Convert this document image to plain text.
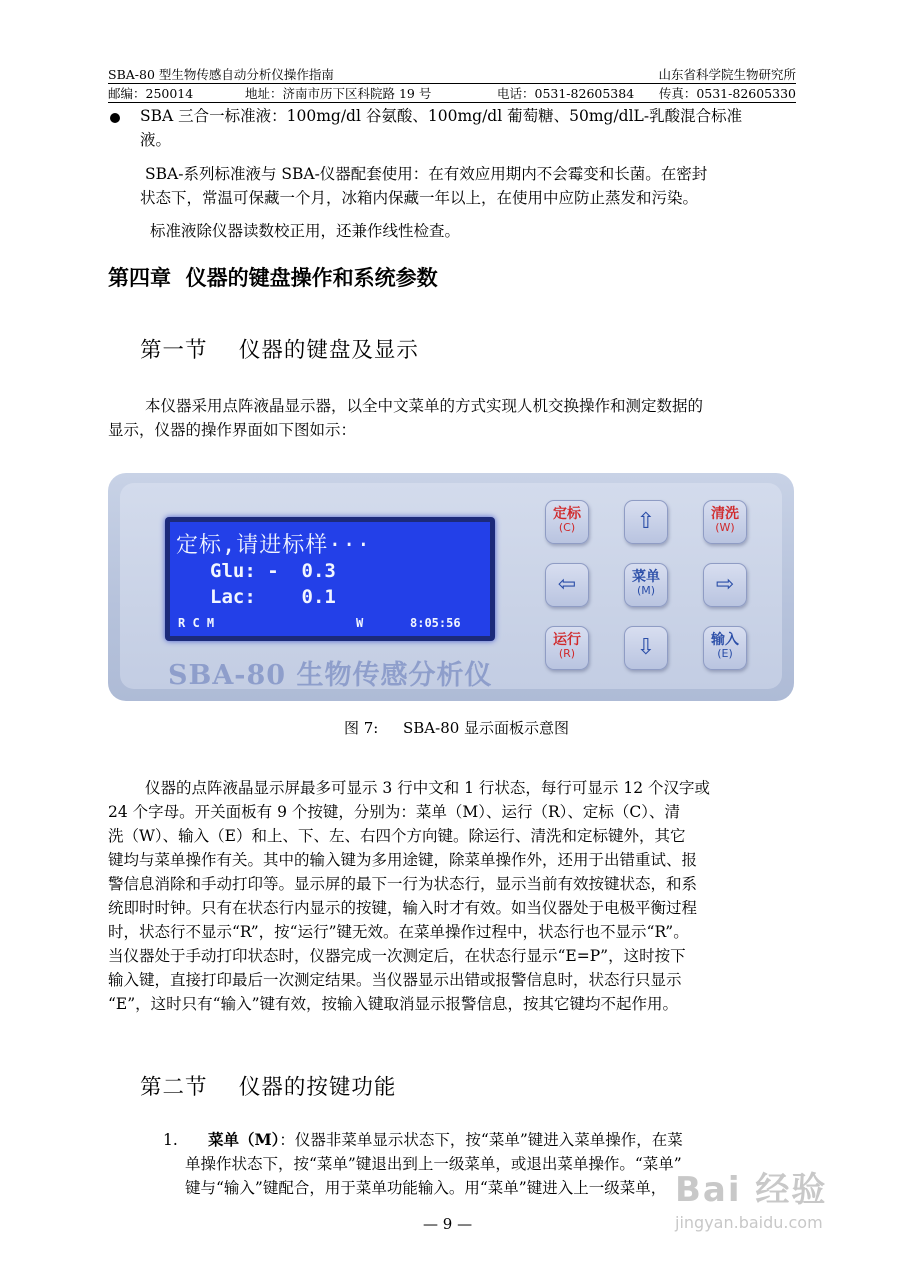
SBA-80 型生物传感自动分析仪操作指南	山东省科学院生物研究所
邮编：250014	地址：济南市历下区科院路 19 号	电话：0531-82605384 传真：0531-82605330
SBA 三合一标准液：100mg/dl 谷氨酸、100mg/dl 葡萄糖、50mg/dlL-乳酸混合标准
液。
SBA-系列标准液与 SBA-仪器配套使用：在有效应用期内不会霉变和长菌。在密封
状态下，常温可保藏一个月，冰箱内保藏一年以上，在使用中应防止蒸发和污染。
标准液除仪器读数校正用，还兼作线性检查。
第四章  仪器的键盘操作和系统参数
第一节    仪器的键盘及显示
本仪器采用点阵液晶显示器，以全中文菜单的方式实现人机交换操作和测定数据的
显示，仪器的操作界面如下图如示：
定标,请进标样···
Glu: -  0.3
Lac:    0.1
R C M	W	8:05:56
SBA-80 生物传感分析仪
定标
(C)	⇧	清洗
(W)
⇦	菜单
(M)	⇨
运行
(R)	⇩	输入
(E)
图 7: SBA-80 显示面板示意图
仪器的点阵液晶显示屏最多可显示 3 行中文和 1 行状态，每行可显示 12 个汉字或
24 个字母。开关面板有 9 个按键，分别为：菜单（M）、运行（R）、定标（C）、清
洗（W）、输入（E）和上、下、左、右四个方向键。除运行、清洗和定标键外，其它
键均与菜单操作有关。其中的输入键为多用途键，除菜单操作外，还用于出错重试、报
警信息消除和手动打印等。显示屏的最下一行为状态行，显示当前有效按键状态，和系
统即时时钟。只有在状态行内显示的按键，输入时才有效。如当仪器处于电极平衡过程
时，状态行不显示“R”，按“运行”键无效。在菜单操作过程中，状态行也不显示“R”。
当仪器处于手动打印状态时，仪器完成一次测定后，在状态行显示“E=P”，这时按下
输入键，直接打印最后一次测定结果。当仪器显示出错或报警信息时，状态行只显示
“E”，这时只有“输入”键有效，按输入键取消显示报警信息，按其它键均不起作用。
第二节    仪器的按键功能
1. 菜单（M）：仪器非菜单显示状态下，按“菜单”键进入菜单操作，在菜
单操作状态下，按“菜单”键退出到上一级菜单，或退出菜单操作。“菜单”
键与“输入”键配合，用于菜单功能输入。用“菜单”键进入上一级菜单，
— 9 —
Bai 经验
jingyan.baidu.com
